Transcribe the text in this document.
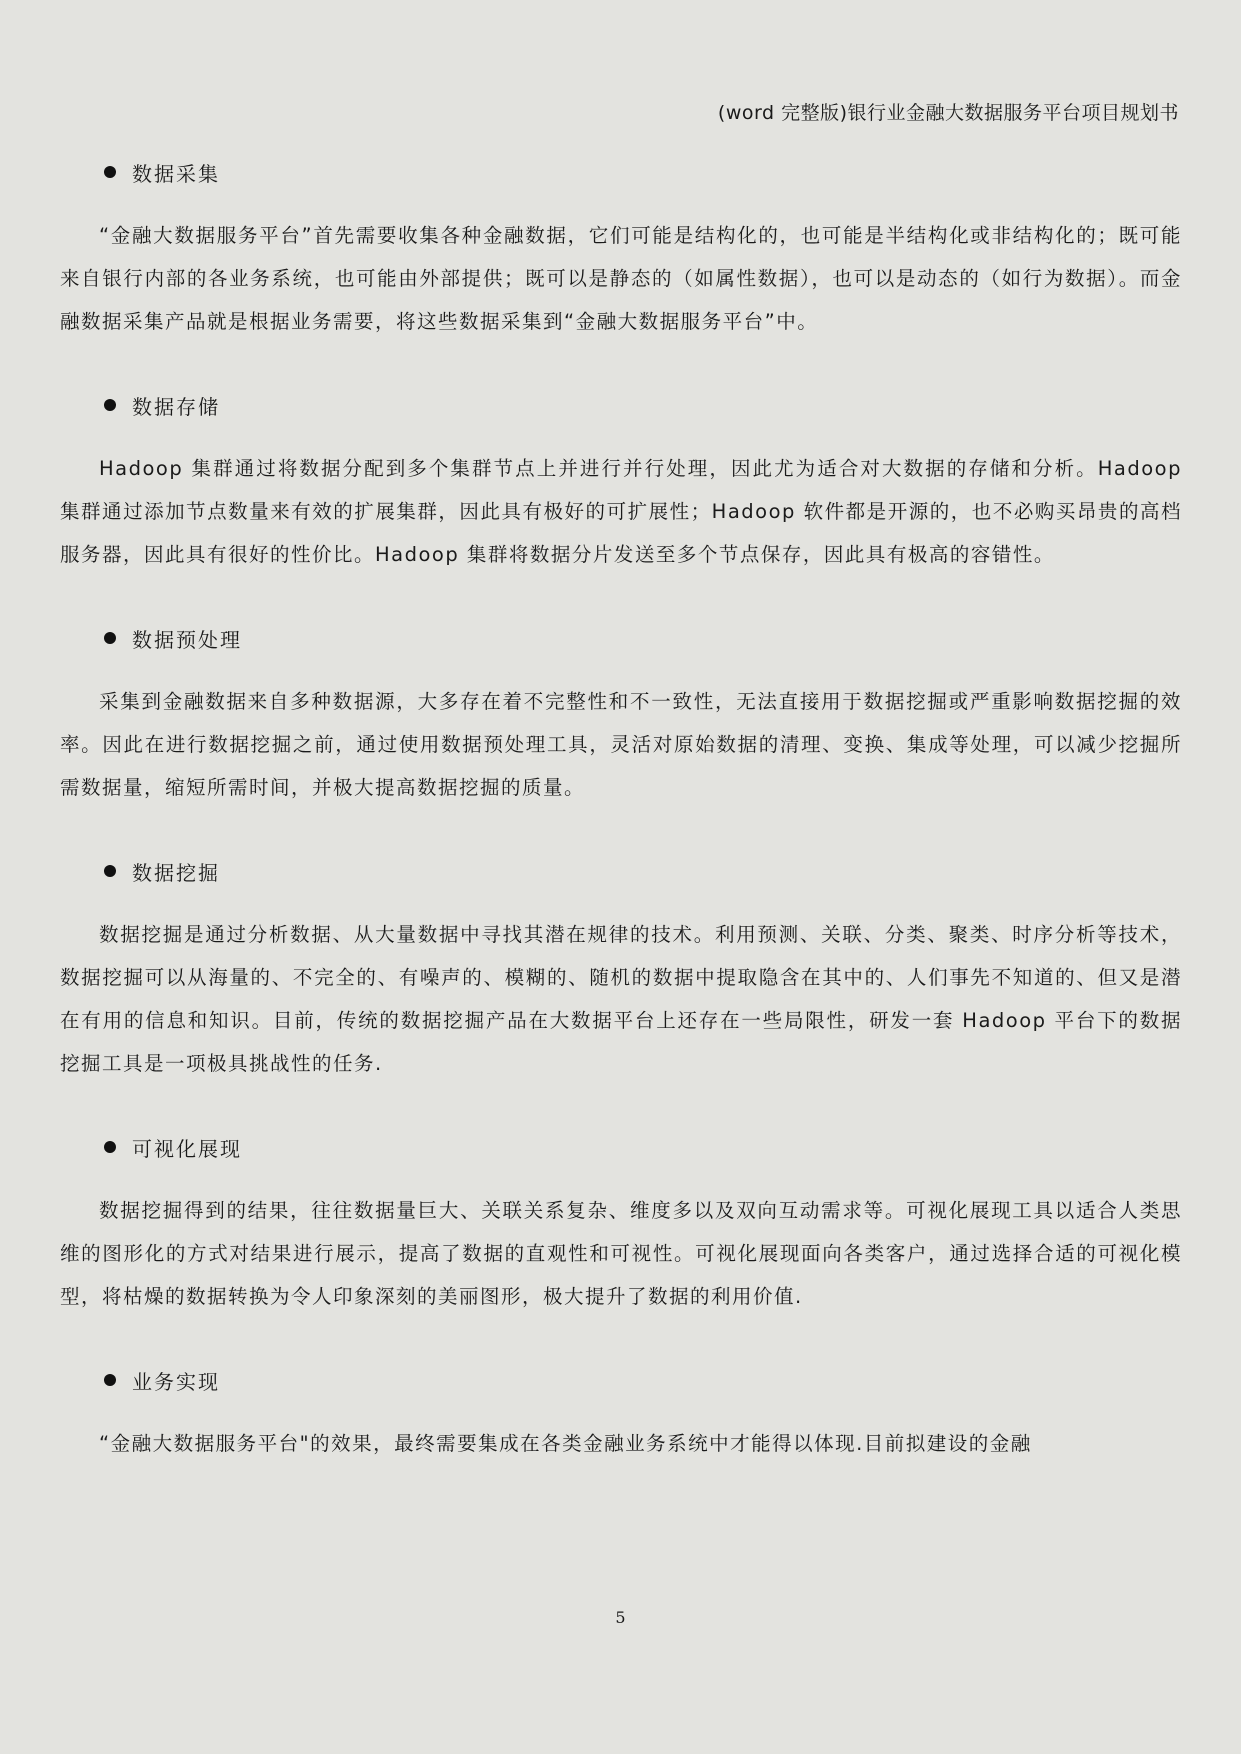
(word 完整版)银行业金融大数据服务平台项目规划书
数据采集

“金融大数据服务平台”首先需要收集各种金融数据，它们可能是结构化的，也可能是半结构化或非结构化的；既可能来自银行内部的各业务系统，也可能由外部提供；既可以是静态的（如属性数据），也可以是动态的（如行为数据）。而金融数据采集产品就是根据业务需要，将这些数据采集到“金融大数据服务平台”中。

数据存储

Hadoop 集群通过将数据分配到多个集群节点上并进行并行处理，因此尤为适合对大数据的存储和分析。Hadoop 集群通过添加节点数量来有效的扩展集群，因此具有极好的可扩展性；Hadoop 软件都是开源的，也不必购买昂贵的高档服务器，因此具有很好的性价比。Hadoop 集群将数据分片发送至多个节点保存，因此具有极高的容错性。

数据预处理

采集到金融数据来自多种数据源，大多存在着不完整性和不一致性，无法直接用于数据挖掘或严重影响数据挖掘的效率。因此在进行数据挖掘之前，通过使用数据预处理工具，灵活对原始数据的清理、变换、集成等处理，可以减少挖掘所需数据量，缩短所需时间，并极大提高数据挖掘的质量。

数据挖掘

数据挖掘是通过分析数据、从大量数据中寻找其潜在规律的技术。利用预测、关联、分类、聚类、时序分析等技术，数据挖掘可以从海量的、不完全的、有噪声的、模糊的、随机的数据中提取隐含在其中的、人们事先不知道的、但又是潜在有用的信息和知识。目前，传统的数据挖掘产品在大数据平台上还存在一些局限性，研发一套 Hadoop 平台下的数据挖掘工具是一项极具挑战性的任务.

可视化展现

数据挖掘得到的结果，往往数据量巨大、关联关系复杂、维度多以及双向互动需求等。可视化展现工具以适合人类思维的图形化的方式对结果进行展示，提高了数据的直观性和可视性。可视化展现面向各类客户，通过选择合适的可视化模型，将枯燥的数据转换为令人印象深刻的美丽图形，极大提升了数据的利用价值.

业务实现

“金融大数据服务平台"的效果，最终需要集成在各类金融业务系统中才能得以体现.目前拟建设的金融

5
